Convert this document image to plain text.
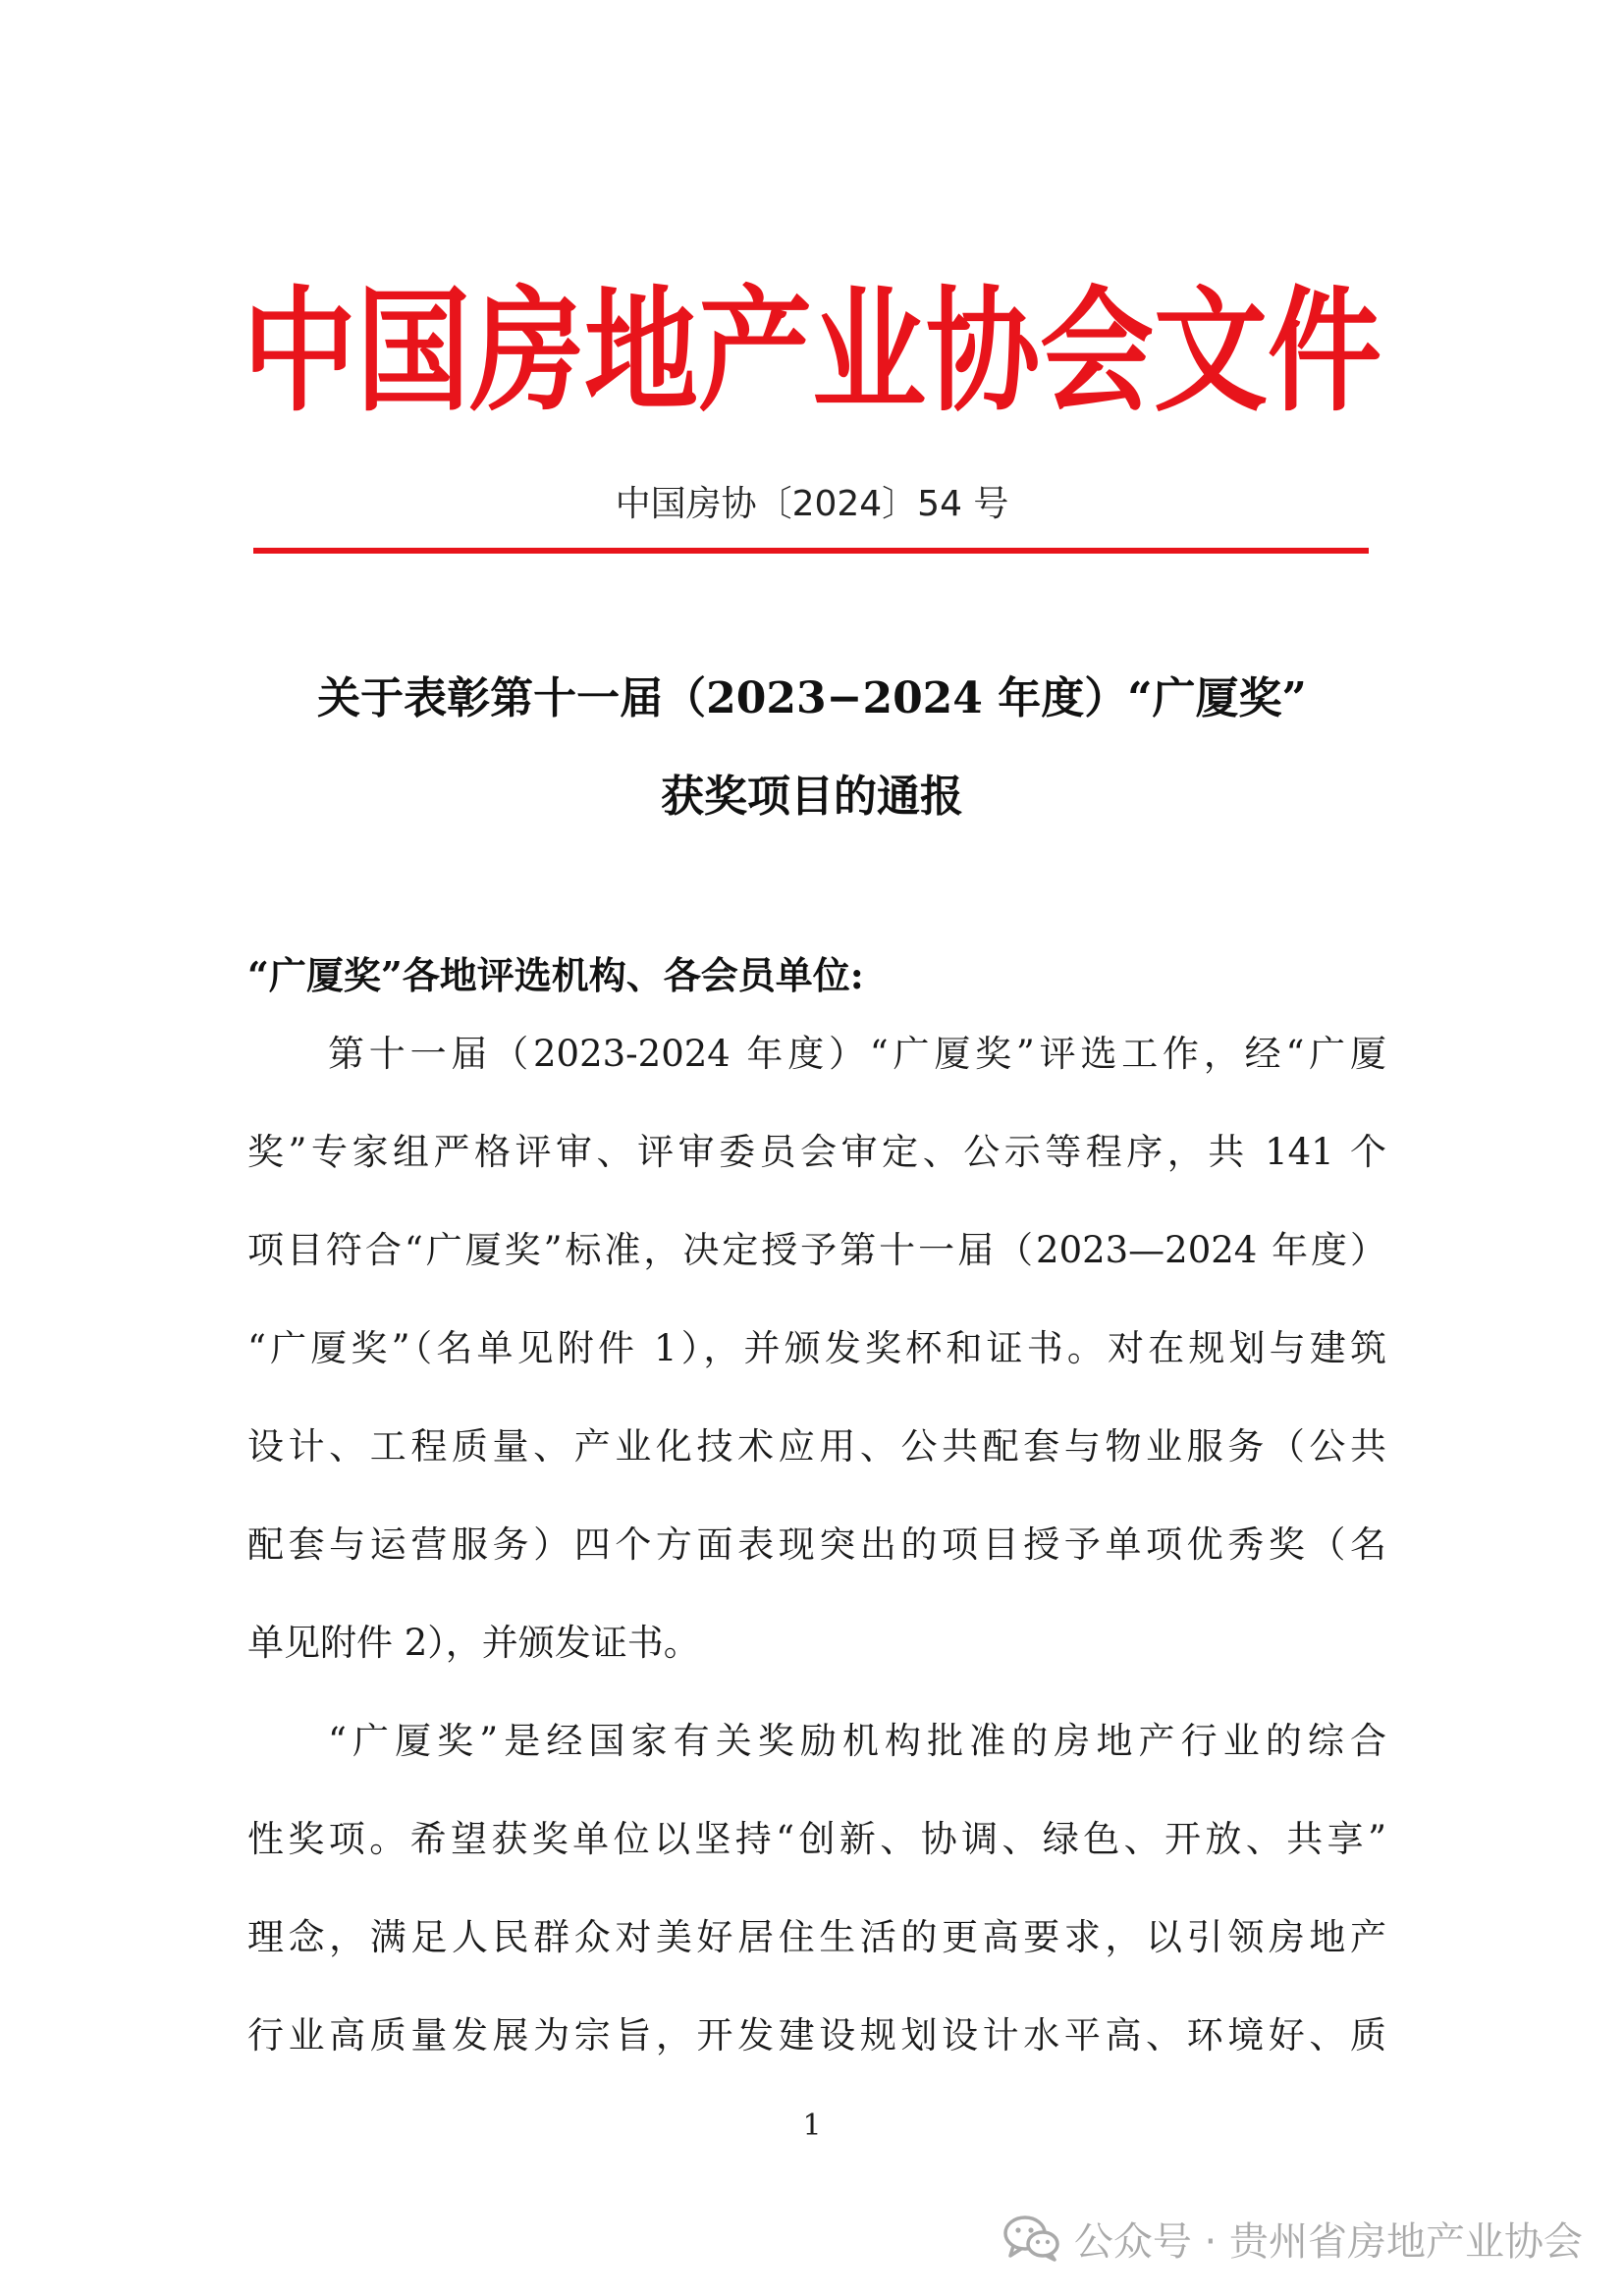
中国房地产业协会文件
中国房协〔2024〕54 号
关于表彰第十一届（2023−2024 年度）“广厦奖”
获奖项目的通报
“广厦奖”各地评选机构、各会员单位:
第十一届（2023-2024 年度）“广厦奖”评选工作，经“广厦
奖”专家组严格评审、评审委员会审定、公示等程序，共 141 个
项目符合“广厦奖”标准，决定授予第十一届（2023—2024 年度）
“广厦奖”（名单见附件 1），并颁发奖杯和证书。对在规划与建筑
设计、工程质量、产业化技术应用、公共配套与物业服务（公共
配套与运营服务）四个方面表现突出的项目授予单项优秀奖（名
单见附件 2），并颁发证书。
“广厦奖”是经国家有关奖励机构批准的房地产行业的综合
性奖项。希望获奖单位以坚持“创新、协调、绿色、开放、共享”
理念，满足人民群众对美好居住生活的更高要求，以引领房地产
行业高质量发展为宗旨，开发建设规划设计水平高、环境好、质
1
公众号 · 贵州省房地产业协会
